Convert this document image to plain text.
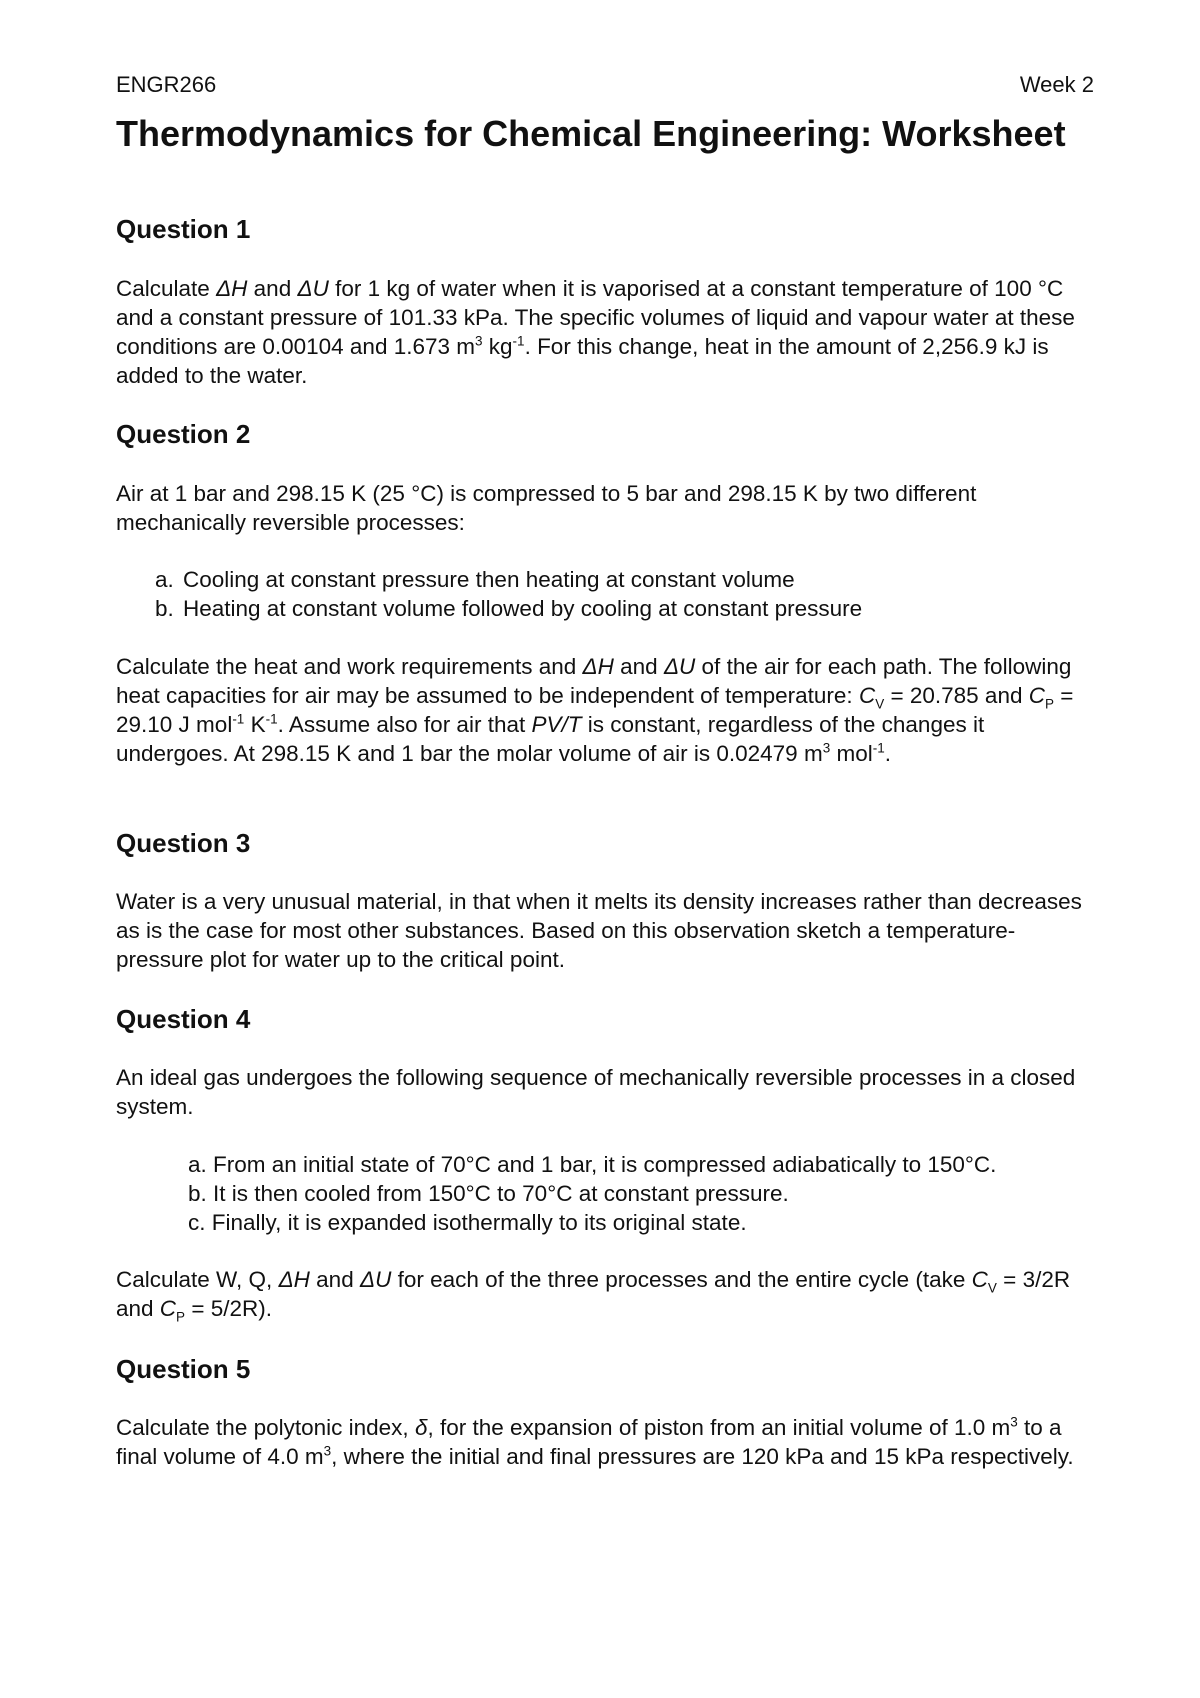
ENGR266	Week 2
Thermodynamics for Chemical Engineering: Worksheet
Question 1

Calculate ΔH and ΔU for 1 kg of water when it is vaporised at a constant temperature of 100 °C and a constant pressure of 101.33 kPa. The specific volumes of liquid and vapour water at these conditions are 0.00104 and 1.673 $m^3$ $kg^{-1}$. For this change, heat in the amount of 2,256.9 kJ is added to the water.

Question 2

Air at 1 bar and 298.15 K (25 °C) is compressed to 5 bar and 298.15 K by two different mechanically reversible processes:

a. Cooling at constant pressure then heating at constant volume
b. Heating at constant volume followed by cooling at constant pressure

Calculate the heat and work requirements and ΔH and ΔU of the air for each path. The following heat capacities for air may be assumed to be independent of temperature: $C_V = 20.785$ and $C_P = 29.10$ J mol$^{-1}$ $K^{-1}$. Assume also for air that PV/T is constant, regardless of the changes it undergoes. At 298.15 K and 1 bar the molar volume of air is 0.02479 $m^3$ mol$^{-1}$.

Question 3

Water is a very unusual material, in that when it melts its density increases rather than decreases as is the case for most other substances. Based on this observation sketch a temperature-pressure plot for water up to the critical point.

Question 4

An ideal gas undergoes the following sequence of mechanically reversible processes in a closed system.

a. From an initial state of 70°C and 1 bar, it is compressed adiabatically to 150°C.
b. It is then cooled from 150°C to 70°C at constant pressure.
c. Finally, it is expanded isothermally to its original state.

Calculate W, Q, ΔH and ΔU for each of the three processes and the entire cycle (take $C_V = 3/2R$ and $C_P = 5/2R$).

Question 5

Calculate the polytonic index, δ, for the expansion of piston from an initial volume of 1.0 $m^3$ to a final volume of 4.0 $m^3$, where the initial and final pressures are 120 kPa and 15 kPa respectively.
